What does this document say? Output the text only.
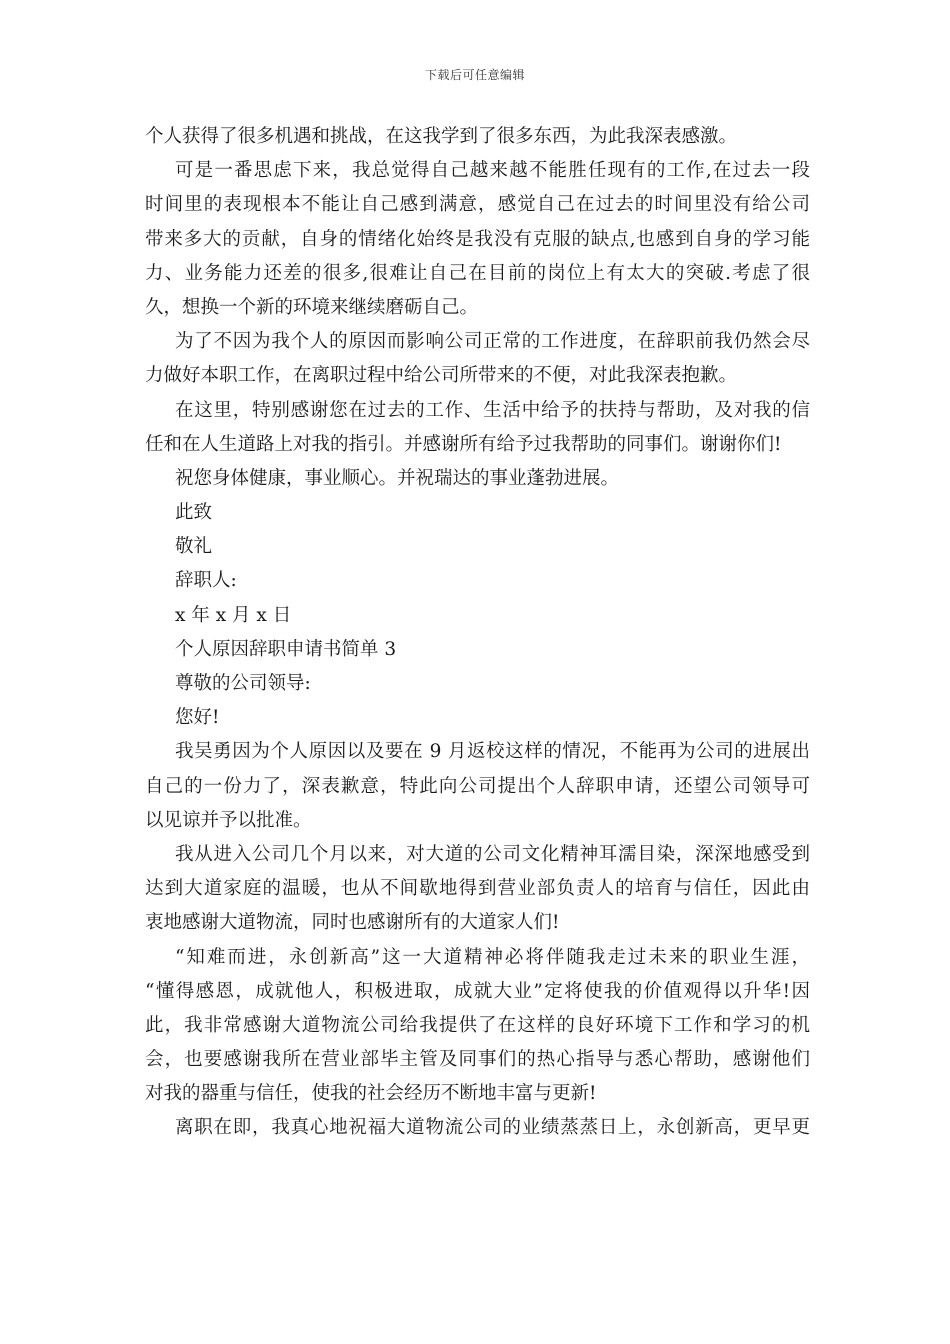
下载后可任意编辑
个人获得了很多机遇和挑战，在这我学到了很多东西，为此我深表感激。
可是一番思虑下来，我总觉得自己越来越不能胜任现有的工作,在过去一段
时间里的表现根本不能让自己感到满意，感觉自己在过去的时间里没有给公司
带来多大的贡献，自身的情绪化始终是我没有克服的缺点,也感到自身的学习能
力、业务能力还差的很多,很难让自己在目前的岗位上有太大的突破.考虑了很
久，想换一个新的环境来继续磨砺自己。
为了不因为我个人的原因而影响公司正常的工作进度，在辞职前我仍然会尽
力做好本职工作，在离职过程中给公司所带来的不便，对此我深表抱歉。
在这里，特别感谢您在过去的工作、生活中给予的扶持与帮助，及对我的信
任和在人生道路上对我的指引。并感谢所有给予过我帮助的同事们。谢谢你们!
祝您身体健康，事业顺心。并祝瑞达的事业蓬勃进展。
此致
敬礼
辞职人:
x 年 x 月 x 日
个人原因辞职申请书简单 3
尊敬的公司领导:
您好!
我吴勇因为个人原因以及要在 9 月返校这样的情况，不能再为公司的进展出
自己的一份力了，深表歉意，特此向公司提出个人辞职申请，还望公司领导可
以见谅并予以批准。
我从进入公司几个月以来，对大道的公司文化精神耳濡目染，深深地感受到
达到大道家庭的温暖，也从不间歇地得到营业部负责人的培育与信任，因此由
衷地感谢大道物流，同时也感谢所有的大道家人们!
“知难而进，永创新高”这一大道精神必将伴随我走过未来的职业生涯，
“懂得感恩，成就他人，积极进取，成就大业”定将使我的价值观得以升华!因
此，我非常感谢大道物流公司给我提供了在这样的良好环境下工作和学习的机
会，也要感谢我所在营业部毕主管及同事们的热心指导与悉心帮助，感谢他们
对我的器重与信任，使我的社会经历不断地丰富与更新!
离职在即，我真心地祝福大道物流公司的业绩蒸蒸日上，永创新高，更早更
